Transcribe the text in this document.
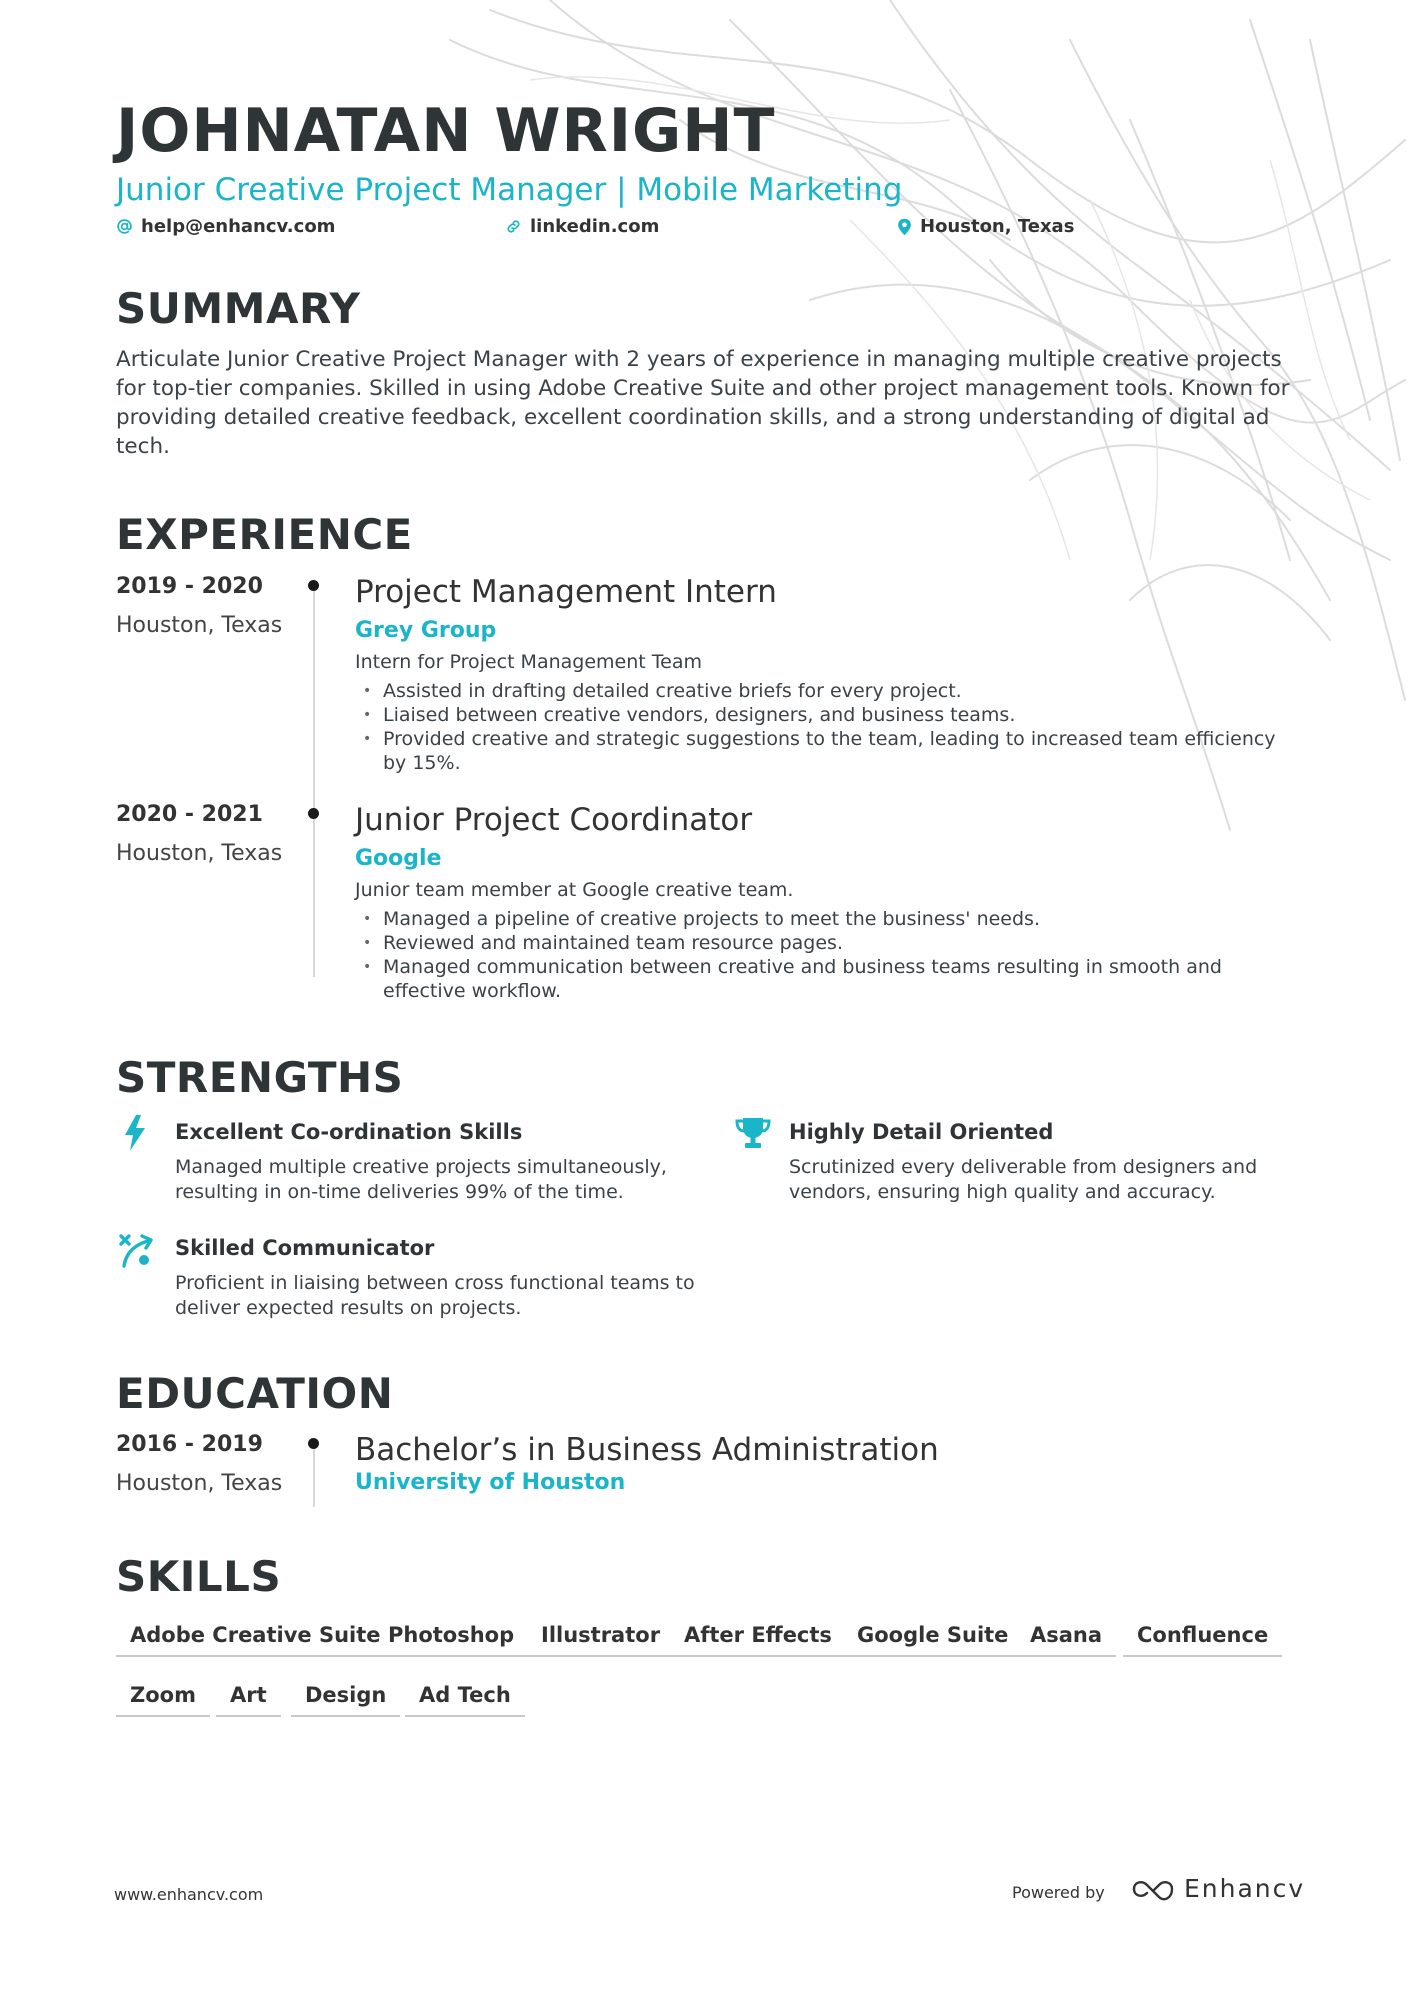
JOHNATAN WRIGHT
Junior Creative Project Manager | Mobile Marketing
help@enhancv.com	linkedin.com	Houston, Texas
SUMMARY
Articulate Junior Creative Project Manager with 2 years of experience in managing multiple creative projects for top-tier companies. Skilled in using Adobe Creative Suite and other project management tools. Known for providing detailed creative feedback, excellent coordination skills, and a strong understanding of digital ad tech.
EXPERIENCE
2019 - 2020
Houston, Texas
Project Management Intern
Grey Group
Intern for Project Management Team
• Assisted in drafting detailed creative briefs for every project.
• Liaised between creative vendors, designers, and business teams.
• Provided creative and strategic suggestions to the team, leading to increased team efficiency by 15%.
2020 - 2021
Houston, Texas
Junior Project Coordinator
Google
Junior team member at Google creative team.
• Managed a pipeline of creative projects to meet the business' needs.
• Reviewed and maintained team resource pages.
• Managed communication between creative and business teams resulting in smooth and effective workflow.
STRENGTHS
Excellent Co-ordination Skills
Managed multiple creative projects simultaneously, resulting in on-time deliveries 99% of the time.
Highly Detail Oriented
Scrutinized every deliverable from designers and vendors, ensuring high quality and accuracy.
Skilled Communicator
Proficient in liaising between cross functional teams to deliver expected results on projects.
EDUCATION
2016 - 2019
Houston, Texas
Bachelor’s in Business Administration
University of Houston
SKILLS
Adobe Creative Suite Photoshop	Illustrator	After Effects	Google Suite	Asana	Confluence
Zoom	Art	Design	Ad Tech
www.enhancv.com	Powered by	Enhancv
